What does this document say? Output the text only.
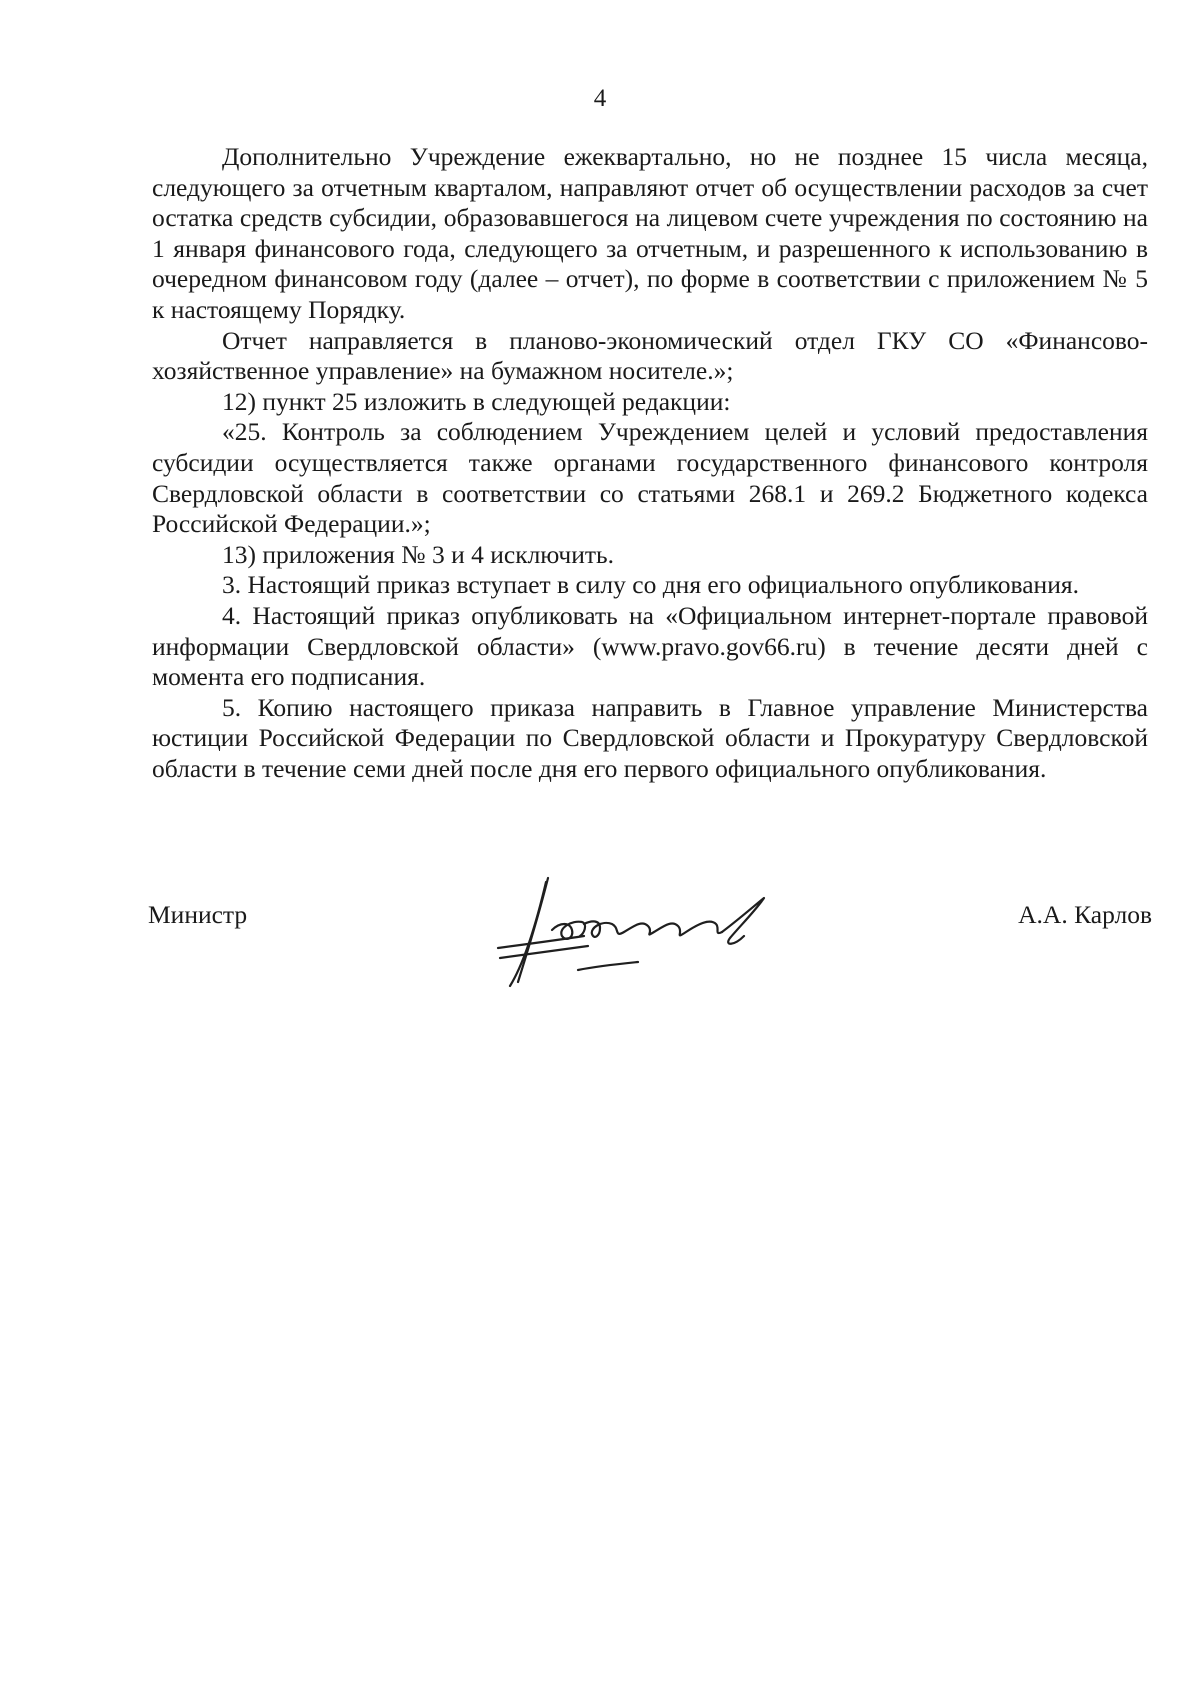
4

Дополнительно Учреждение ежеквартально, но не позднее 15 числа месяца, следующего за отчетным кварталом, направляют отчет об осуществлении расходов за счет остатка средств субсидии, образовавшегося на лицевом счете учреждения по состоянию на 1 января финансового года, следующего за отчетным, и разрешенного к использованию в очередном финансовом году (далее – отчет), по форме в соответствии с приложением № 5 к настоящему Порядку.

Отчет направляется в планово-экономический отдел ГКУ СО «Финансово-хозяйственное управление» на бумажном носителе.»;

12) пункт 25 изложить в следующей редакции:

«25. Контроль за соблюдением Учреждением целей и условий предоставления субсидии осуществляется также органами государственного финансового контроля Свердловской области в соответствии со статьями 268.1 и 269.2 Бюджетного кодекса Российской Федерации.»;

13) приложения № 3 и 4 исключить.

3. Настоящий приказ вступает в силу со дня его официального опубликования.

4. Настоящий приказ опубликовать на «Официальном интернет-портале правовой информации Свердловской области» (www.pravo.gov66.ru) в течение десяти дней с момента его подписания.

5. Копию настоящего приказа направить в Главное управление Министерства юстиции Российской Федерации по Свердловской области и Прокуратуру Свердловской области в течение семи дней после дня его первого официального опубликования.

Министр	А.А. Карлов
